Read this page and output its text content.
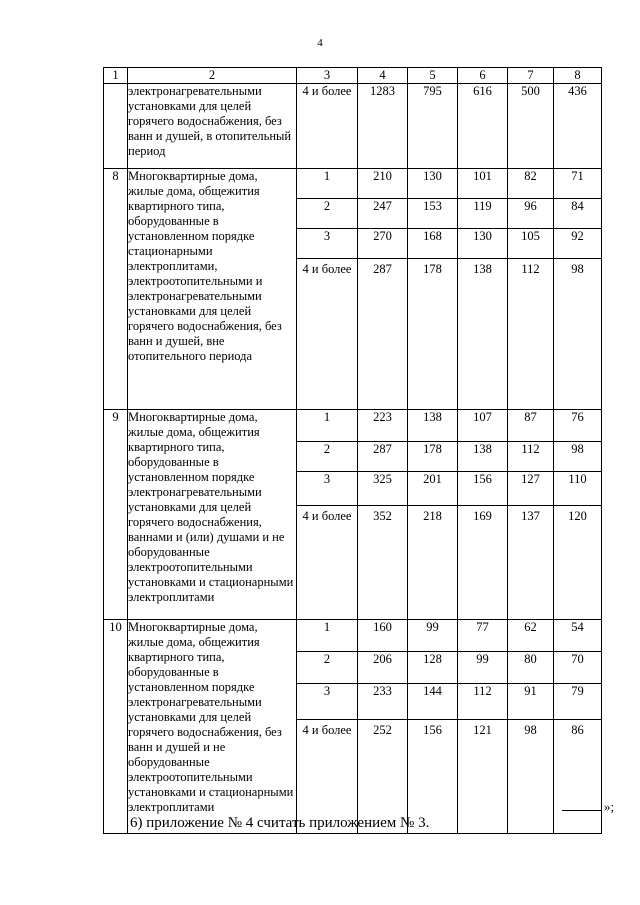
4
1	2	3	4	5	6	7	8
	электронагревательными установками для целей горячего водоснабжения, без ванн и душей, в отопительный период	4 и более	1283	795	616	500	436
8	Многоквартирные дома, жилые дома, общежития квартирного типа, оборудованные в установленном порядке стационарными электроплитами, электроотопительными и электронагревательными установками для целей горячего водоснабжения, без ванн и душей, вне отопительного периода	1	210	130	101	82	71
		2	247	153	119	96	84
		3	270	168	130	105	92
		4 и более	287	178	138	112	98
9	Многоквартирные дома, жилые дома, общежития квартирного типа, оборудованные в установленном порядке электронагревательными установками для целей горячего водоснабжения, ваннами и (или) душами и не оборудованные электроотопительными установками и стационарными электроплитами	1	223	138	107	87	76
		2	287	178	138	112	98
		3	325	201	156	127	110
		4 и более	352	218	169	137	120
10	Многоквартирные дома, жилые дома, общежития квартирного типа, оборудованные в установленном порядке электронагревательными установками для целей горячего водоснабжения, без ванн и душей и не оборудованные электроотопительными установками и стационарными электроплитами	1	160	99	77	62	54
		2	206	128	99	80	70
		3	233	144	112	91	79
		4 и более	252	156	121	98	86
»;
6) приложение № 4 считать приложением № 3.
